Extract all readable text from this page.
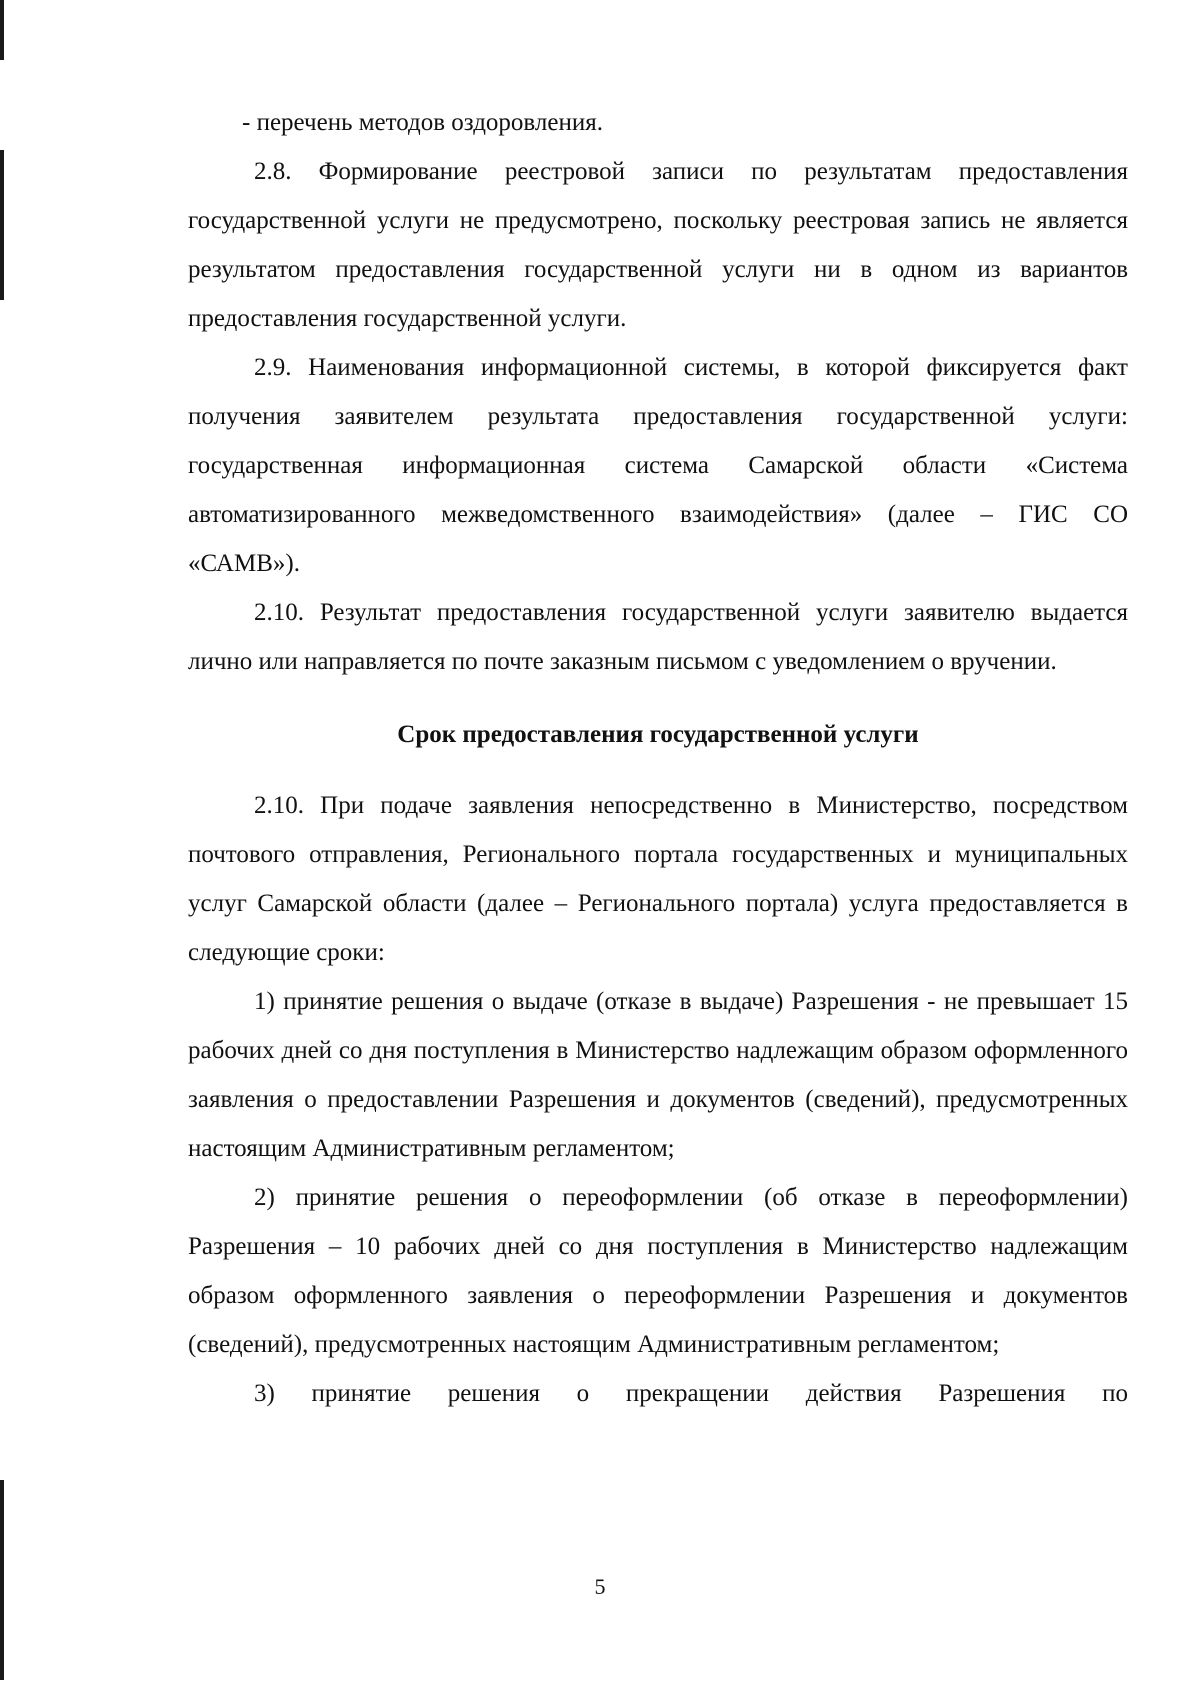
- перечень методов оздоровления.

2.8. Формирование реестровой записи по результатам предоставления государственной услуги не предусмотрено, поскольку реестровая запись не является результатом предоставления государственной услуги ни в одном из вариантов предоставления государственной услуги.

2.9. Наименования информационной системы, в которой фиксируется факт получения заявителем результата предоставления государственной услуги: государственная информационная система Самарской области «Система автоматизированного межведомственного взаимодействия» (далее – ГИС СО «САМВ»).

2.10. Результат предоставления государственной услуги заявителю выдается лично или направляется по почте заказным письмом с уведомлением о вручении.

Срок предоставления государственной услуги

2.10. При подаче заявления непосредственно в Министерство, посредством почтового отправления, Регионального портала государственных и муниципальных услуг Самарской области (далее – Регионального портала) услуга предоставляется в следующие сроки:

1) принятие решения о выдаче (отказе в выдаче) Разрешения - не превышает 15 рабочих дней со дня поступления в Министерство надлежащим образом оформленного заявления о предоставлении Разрешения и документов (сведений), предусмотренных настоящим Административным регламентом;

2) принятие решения о переоформлении (об отказе в переоформлении) Разрешения – 10 рабочих дней со дня поступления в Министерство надлежащим образом оформленного заявления о переоформлении Разрешения и документов (сведений), предусмотренных настоящим Административным регламентом;

3) принятие решения о прекращении действия Разрешения по

5
